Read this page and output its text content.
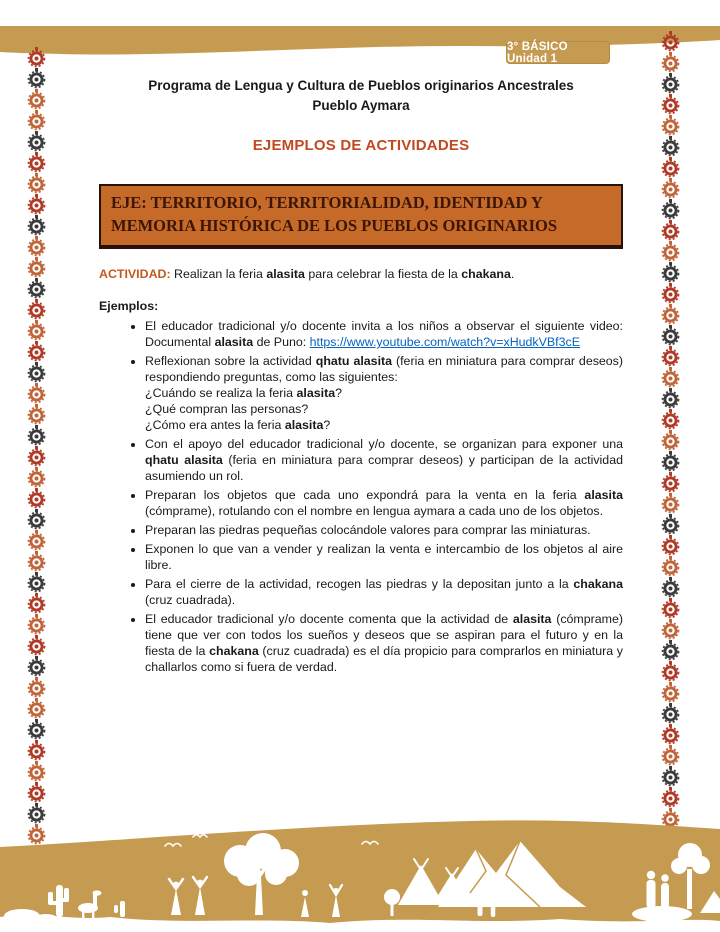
3° BÁSICO Unidad 1
Programa de Lengua y Cultura de Pueblos originarios Ancestrales
Pueblo Aymara
EJEMPLOS DE ACTIVIDADES
EJE: TERRITORIO, TERRITORIALIDAD, IDENTIDAD Y
MEMORIA HISTÓRICA DE LOS PUEBLOS ORIGINARIOS

ACTIVIDAD: Realizan la feria alasita para celebrar la fiesta de la chakana.

Ejemplos:

• El educador tradicional y/o docente invita a los niños a observar el siguiente video: Documental alasita de Puno: https://www.youtube.com/watch?v=xHudkVBf3cE
• Reflexionan sobre la actividad qhatu alasita (feria en miniatura para comprar deseos) respondiendo preguntas, como las siguientes:
¿Cuándo se realiza la feria alasita?
¿Qué compran las personas?
¿Cómo era antes la feria alasita?
• Con el apoyo del educador tradicional y/o docente, se organizan para exponer una qhatu alasita (feria en miniatura para comprar deseos) y participan de la actividad asumiendo un rol.
• Preparan los objetos que cada uno expondrá para la venta en la feria alasita (cómprame), rotulando con el nombre en lengua aymara a cada uno de los objetos.
• Preparan las piedras pequeñas colocándole valores para comprar las miniaturas.
• Exponen lo que van a vender y realizan la venta e intercambio de los objetos al aire libre.
• Para el cierre de la actividad, recogen las piedras y la depositan junto a la chakana (cruz cuadrada).
• El educador tradicional y/o docente comenta que la actividad de alasita (cómprame) tiene que ver con todos los sueños y deseos que se aspiran para el futuro y en la fiesta de la chakana (cruz cuadrada) es el día propicio para comprarlos en miniatura y challarlos como si fuera de verdad.
